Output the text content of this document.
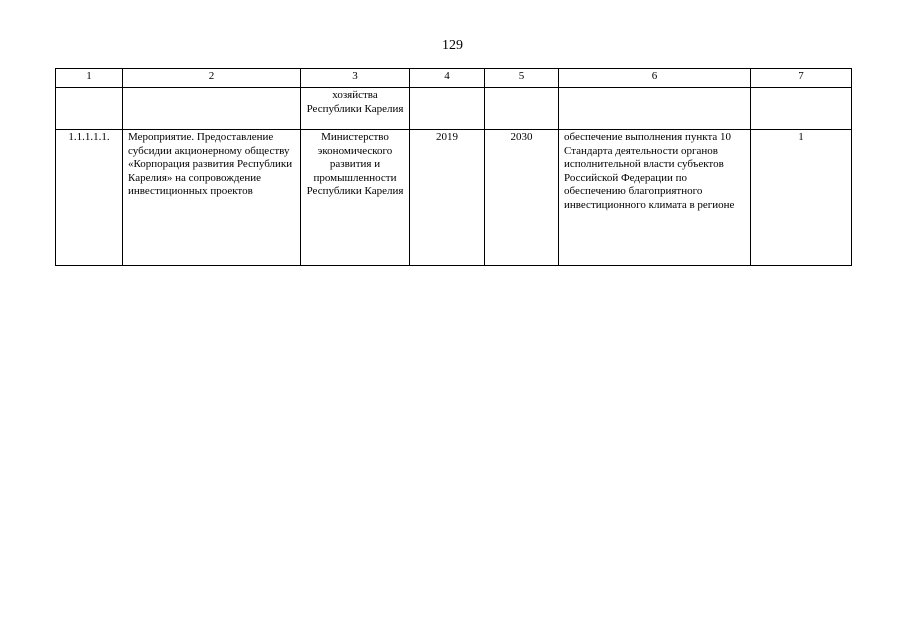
129
1	2	3	4	5	6	7
		хозяйства Республики Карелия				
1.1.1.1.1.	Мероприятие. Предоставление субсидии акционерному обществу «Корпорация развития Республики Карелия» на сопровождение инвестиционных проектов	Министерство экономического развития и промышленности Республики Карелия	2019	2030	обеспечение выполнения пункта 10 Стандарта деятельности органов исполнительной власти субъектов Российской Федерации по обеспечению благоприятного инвестиционного климата в регионе	1
